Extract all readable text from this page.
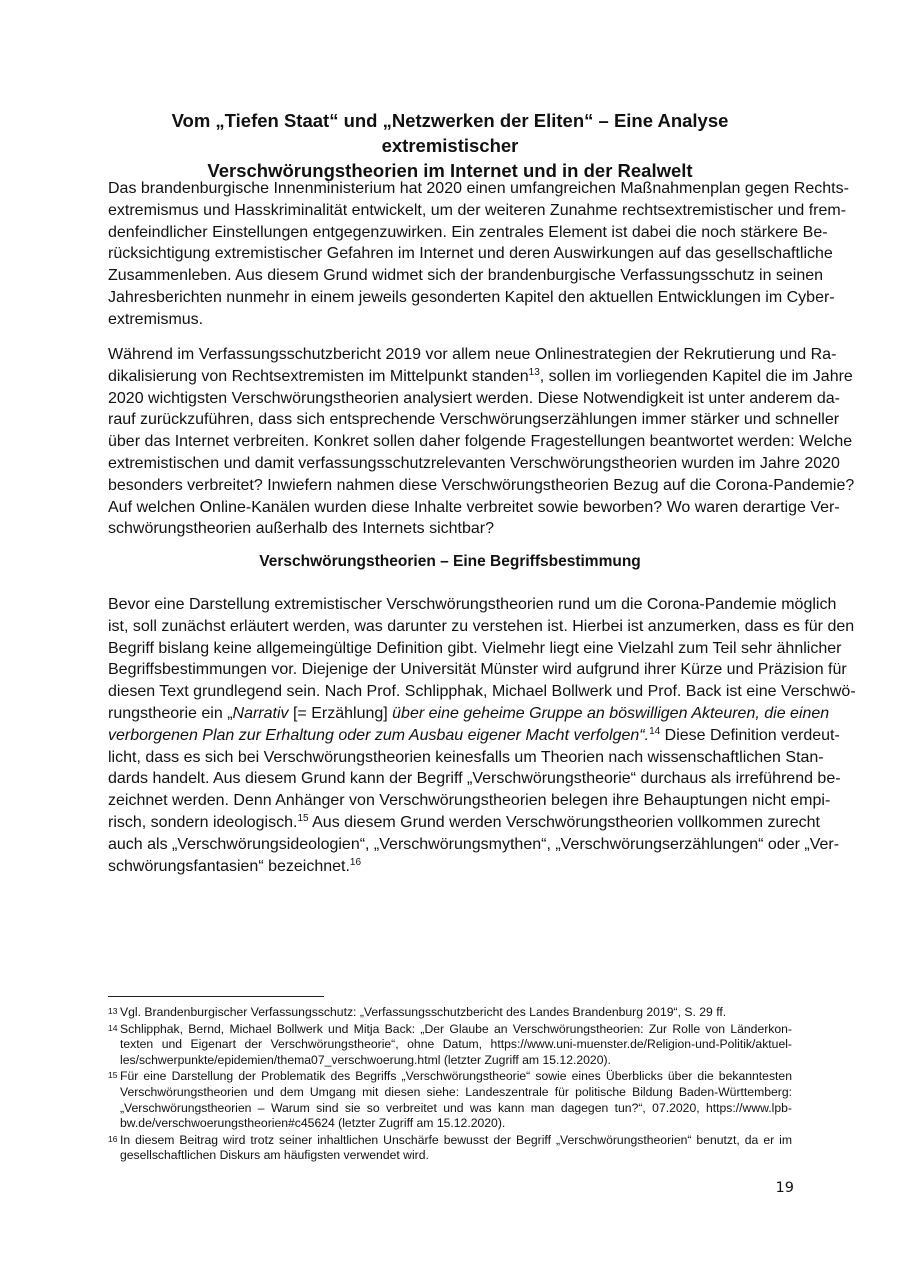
Vom „Tiefen Staat“ und „Netzwerken der Eliten“ – Eine Analyse extremistischer
Verschwörungstheorien im Internet und in der Realwelt

Das brandenburgische Innenministerium hat 2020 einen umfangreichen Maßnahmenplan gegen Rechts-
extremismus und Hasskriminalität entwickelt, um der weiteren Zunahme rechtsextremistischer und frem-
denfeindlicher Einstellungen entgegenzuwirken. Ein zentrales Element ist dabei die noch stärkere Be-
rücksichtigung extremistischer Gefahren im Internet und deren Auswirkungen auf das gesellschaftliche
Zusammenleben. Aus diesem Grund widmet sich der brandenburgische Verfassungsschutz in seinen
Jahresberichten nunmehr in einem jeweils gesonderten Kapitel den aktuellen Entwicklungen im Cyber-
extremismus.

Während im Verfassungsschutzbericht 2019 vor allem neue Onlinestrategien der Rekrutierung und Ra-
dikalisierung von Rechtsextremisten im Mittelpunkt standen$^{13}$, sollen im vorliegenden Kapitel die im Jahre
2020 wichtigsten Verschwörungstheorien analysiert werden. Diese Notwendigkeit ist unter anderem da-
rauf zurückzuführen, dass sich entsprechende Verschwörungserzählungen immer stärker und schneller
über das Internet verbreiten. Konkret sollen daher folgende Fragestellungen beantwortet werden: Welche
extremistischen und damit verfassungsschutzrelevanten Verschwörungstheorien wurden im Jahre 2020
besonders verbreitet? Inwiefern nahmen diese Verschwörungstheorien Bezug auf die Corona-Pandemie?
Auf welchen Online-Kanälen wurden diese Inhalte verbreitet sowie beworben? Wo waren derartige Ver-
schwörungstheorien außerhalb des Internets sichtbar?

Verschwörungstheorien – Eine Begriffsbestimmung

Bevor eine Darstellung extremistischer Verschwörungstheorien rund um die Corona-Pandemie möglich
ist, soll zunächst erläutert werden, was darunter zu verstehen ist. Hierbei ist anzumerken, dass es für den
Begriff bislang keine allgemeingültige Definition gibt. Vielmehr liegt eine Vielzahl zum Teil sehr ähnlicher
Begriffsbestimmungen vor. Diejenige der Universität Münster wird aufgrund ihrer Kürze und Präzision für
diesen Text grundlegend sein. Nach Prof. Schlipphak, Michael Bollwerk und Prof. Back ist eine Verschwö-
rungstheorie ein „Narrativ [= Erzählung] über eine geheime Gruppe an böswilligen Akteuren, die einen
verborgenen Plan zur Erhaltung oder zum Ausbau eigener Macht verfolgen“.$^{14}$ Diese Definition verdeut-
licht, dass es sich bei Verschwörungstheorien keinesfalls um Theorien nach wissenschaftlichen Stan-
dards handelt. Aus diesem Grund kann der Begriff „Verschwörungstheorie“ durchaus als irreführend be-
zeichnet werden. Denn Anhänger von Verschwörungstheorien belegen ihre Behauptungen nicht empi-
risch, sondern ideologisch.$^{15}$ Aus diesem Grund werden Verschwörungstheorien vollkommen zurecht
auch als „Verschwörungsideologien“, „Verschwörungsmythen“, „Verschwörungserzählungen“ oder „Ver-
schwörungsfantasien“ bezeichnet.$^{16}$

13 Vgl. Brandenburgischer Verfassungsschutz: „Verfassungsschutzbericht des Landes Brandenburg 2019“, S. 29 ff.
14 Schlipphak, Bernd, Michael Bollwerk und Mitja Back: „Der Glaube an Verschwörungstheorien: Zur Rolle von Länderkon-
texten und Eigenart der Verschwörungstheorie“, ohne Datum, https://www.uni-muenster.de/Religion-und-Politik/aktuel-
les/schwerpunkte/epidemien/thema07_verschwoerung.html (letzter Zugriff am 15.12.2020).
15 Für eine Darstellung der Problematik des Begriffs „Verschwörungstheorie“ sowie eines Überblicks über die bekanntesten
Verschwörungstheorien und dem Umgang mit diesen siehe: Landeszentrale für politische Bildung Baden-Württemberg:
„Verschwörungstheorien – Warum sind sie so verbreitet und was kann man dagegen tun?“, 07.2020, https://www.lpb-
bw.de/verschwoerungstheorien#c45624 (letzter Zugriff am 15.12.2020).
16 In diesem Beitrag wird trotz seiner inhaltlichen Unschärfe bewusst der Begriff „Verschwörungstheorien“ benutzt, da er im
gesellschaftlichen Diskurs am häufigsten verwendet wird.
19
